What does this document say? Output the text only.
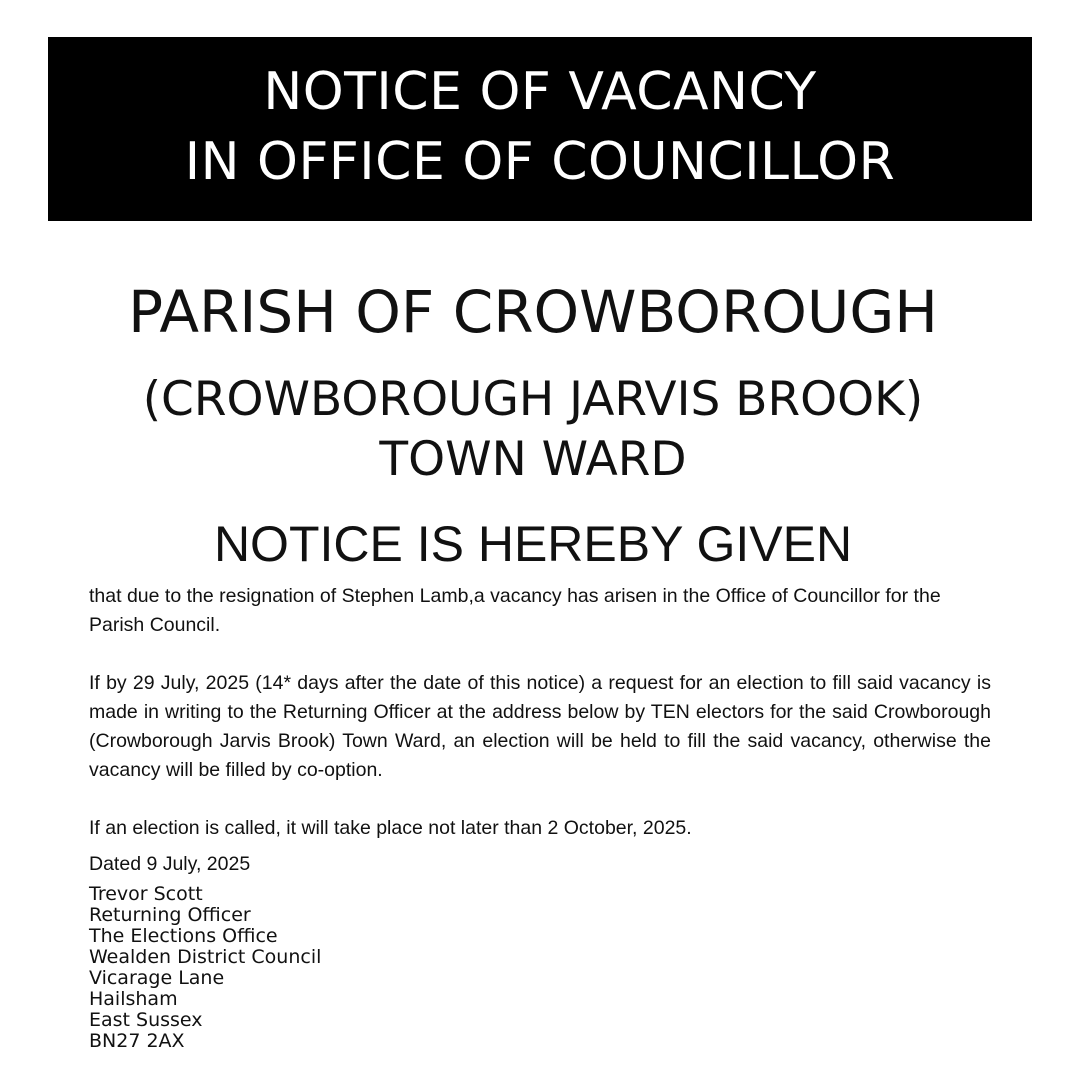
NOTICE OF VACANCY
IN OFFICE OF COUNCILLOR
PARISH OF CROWBOROUGH
(CROWBOROUGH JARVIS BROOK)
TOWN WARD
NOTICE IS HEREBY GIVEN

that due to the resignation of Stephen Lamb,a vacancy has arisen in the Office of Councillor for the Parish Council.

If by 29 July, 2025 (14* days after the date of this notice) a request for an election to fill said vacancy is made in writing to the Returning Officer at the address below by TEN electors for the said Crowborough (Crowborough Jarvis Brook) Town Ward, an election will be held to fill the said vacancy, otherwise the vacancy will be filled by co-option.

If an election is called, it will take place not later than 2 October, 2025.

Dated 9 July, 2025

Trevor Scott
Returning Officer
The Elections Office
Wealden District Council
Vicarage Lane
Hailsham
East Sussex
BN27 2AX
